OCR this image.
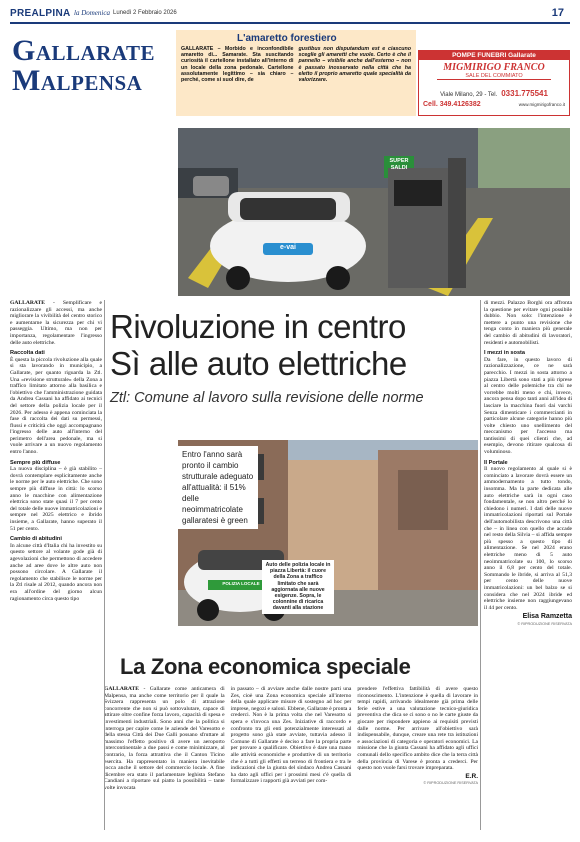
PREALPINA la Domenica Lunedì 2 Febbraio 2026	17
Gallarate
Malpensa
L'amaretto forestiero
GALLARATE – Morbido e inconfondibile amaretto di... Samarate. Sta suscitando curiosità il cartellone installato all'interno di un locale della zona pedonale. Cartellone assolutamente legittimo – sia chiaro – perché, come si suol dire, de
gustibus non disputandum est e ciascuno sceglie gli amaretti che vuole. Certo è che il pannello – visibile anche dall'esterno – non è passato inosservato nella città che ha eletto il proprio amaretto quale specialità da valorizzare.
POMPE FUNEBRI Gallarate
MIGMIRIGO FRANCO
SALE DEL COMMIATO
Viale Milano, 29 - Tel. 0331.775541
Cell. 349.4126382	www.migmirigofranco.it
SUPER SALDI
e-vai
Rivoluzione in centro
Sì alle auto elettriche
Ztl: Comune al lavoro sulla revisione delle norme

GALLARATE - Semplificare e razionalizzare gli accessi, ma anche migliorare la vivibilità del centro storico e aumentarne la sicurezza per chi vi passeggia. Ultimo, ma non per importanza, regolamentare l'ingresso delle auto elettriche.

Raccolta dati

È questa la piccola rivoluzione alla quale si sta lavorando in municipio, a Gallarate, per quanto riguarda la Ztl. Una «revisione strutturale» della Zona a traffico limitato attorno alla basilica e l'obiettivo che l'amministrazione guidata da Andrea Cassani ha affidato ai tecnici del settore della polizia locale per il 2026. Per adesso è appena cominciata la fase di raccolta dei dati su permessi, flussi e criticità che oggi accompagnano l'ingresso delle auto all'interno del perimetro dell'area pedonale, ma si vuole arrivare a un nuovo regolamento entro l'anno.

Sempre più diffuse

La nuova disciplina – è già stabilito – dovrà contemplare esplicitamente anche le norme per le auto elettriche. Che sono sempre più diffuse in città: lo scorso anno le macchine con alimentazione elettrica sono state quasi il 7 per cento del totale delle nuove immatricolazioni e sempre nel 2025 elettrico e ibrido insieme, a Gallarate, hanno superato il 51 per cento.

Cambio di abitudini

In alcune città d'Italia chi ha investito su questo settore al volante gode già di agevolazioni che permettono di accedere anche ad aree dove le altre auto non possono circolare. A Gallarate il regolamento che stabilisce le norme per la Ztl risale al 2012, quando ancora non era all'ordine del giorno alcun ragionamento circa questo tipo

POLIZIA LOCALE
Entro l'anno sarà pronto il cambio strutturale adeguato all'attualità: il 51% delle neoimmatricolate gallaratesi è green
Auto delle polizia locale in piazza Libertà: il cuore della Zona a traffico limitato che sarà aggiornata alle nuove esigenze. Sopra, le colonnine di ricarica davanti alla stazione

di mezzi. Palazzo Borghi ora affronta la questione per evitare ogni possibile dubbio. Non solo: l'intenzione è mettere a punto una revisione che tenga conto in maniera più generale del cambio di abitudini di lavoratori, residenti e automobilisti.

I mezzi in sosta

Da fare, in questo lavoro di razionalizzazione, ce ne sarà parecchio. I mezzi in sosta attorno a piazza Libertà sono stati a più riprese al centro delle polemiche tra chi ne vorrebbe molti meno e chi, invece, ancora pensa dopo tanti anni all'idea di lasciare la macchina fuori dai varchi Senza dimenticare i commercianti in particolare alcune categorie hanno più volte chiesto uno snellimento del meccanismo per l'accesso ma tantissimi di quei clienti che, ad esempio, devono ritirare qualcosa di voluminoso.

Il Portale

Il nuovo regolamento al quale si è cominciato a lavorare dovrà essere un ammodernamento a tutto tondo, insomma. Ma la parte dedicata alle auto elettriche sarà in ogni caso fondamentale, se non altro perché lo chiedono i numeri. I dati delle nuove immatricolazioni riportati sul Portale dell'automobilista descrivono una città che – in linea con quello che accade nel resto della Silvia – si affida sempre più spesso a questo tipo di alimentazione. Se nel 2024 erano elettriche meno di 5 auto neoimmatricolate su 100, lo scorso anno il 6,8 per cento del totale. Sommando le ibride, si arriva al 51,3 per cento delle nuove immatricolazioni: un bel balzo se si considera che nel 2024 ibride ed elettriche insieme non raggiungevano il 44 per cento.

Elisa Ramzetta
© RIPRODUZIONE RISERVATA
La Zona economica speciale

GALLARATE - Gallarate come anticamera di Malpensa, ma anche come territorio per il quale la Svizzera rappresenta un polo di attrazione concorrente che non si può sottovalutare, capace di attirare oltre confine forza lavoro, capacità di spesa e investimenti industriali. Sono anni che la politica si interroga per capire come le aziende del Varesotto e della stessa Città dei Due Galli possano sfruttare al massimo l'effetto positivo di avere un aeroporto intercontinentale a due passi e come minimizzare, al contrario, la forza attrattiva che il Canton Ticino esercita. Ha rappresentato in maniera inevitabile tocca anche il settore del commercio locale. A fine dicembre era stato il parlamentare leghista Stefano Candiani a riportare sul piatto la possibilità – tante volte invocata

in passato – di avviare anche dalle nostre parti una Zes, cioè una Zona economica speciale all'interno della quale applicare misure di sostegno ad hoc per imprese, negozi e saloni. Ebbene, Gallarate è pronta a crederci. Non è la prima volta che nel Varesotto si spera e s'invoca una Zes. Iniziative di raccordo e confronto tra gli enti potenzialmente interessati al progetto sono già state avviate, tuttavia adesso il Comune di Gallarate è deciso a fare la propria parte per provare a qualificare. Obiettivo è dare una mano alle attività economiche e produttive di un territorio che è a tutti gli effetti un terreno di frontiera e tra le indicazioni che la giunta del sindaco Andrea Cassani ha dato agli uffici per i prossimi mesi c'è quella di formalizzare i rapporti già avviati per com-

prendere l'effettiva fattibilità di avere questo riconoscimento. L'intenzione è quella di lavorare in tempi rapidi, arrivando idealmente già prima delle ferie estive a una valutazione tecnico-giuridica preventiva che dica se ci sono o no le carte giuste da giocare per rispondere appieno ai requisiti previsti dalle norme. Per arrivare all'obiettivo sarà indispensabile, dunque, creare una rete tra istituzioni e associazioni di categoria e operatori economici. La missione che la giunta Cassani ha affidato agli uffici comunali dello specifico ambito dice che la terra città della provincia di Varese è pronta a crederci. Per questo non vuole farsi trovare impreparata.

E.R.
© RIPRODUZIONE RISERVATA
